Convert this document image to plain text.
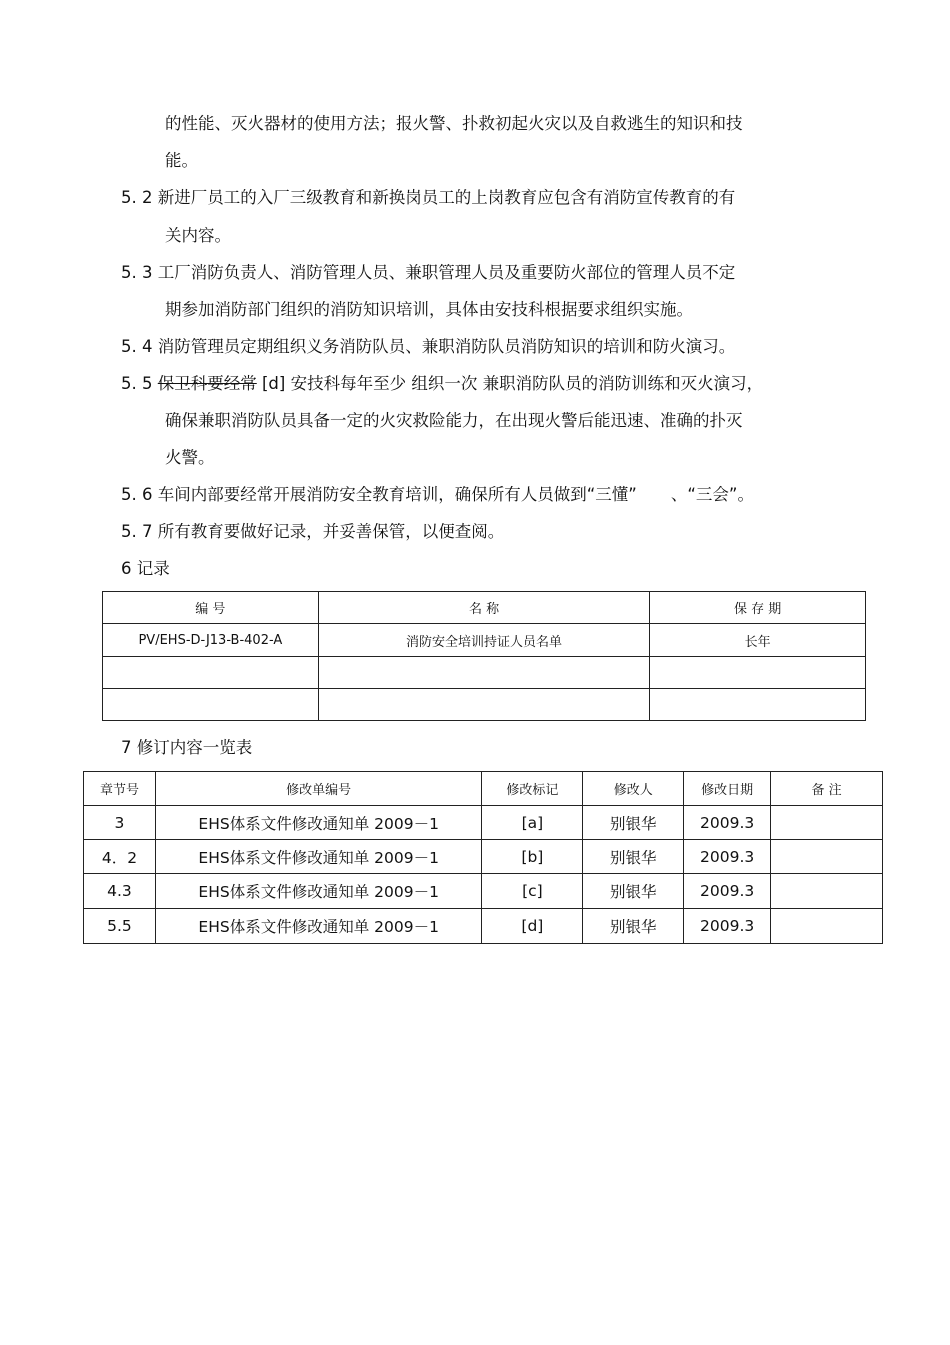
的性能、灭火器材的使用方法；报火警、扑救初起火灾以及自救逃生的知识和技
能。
5. 2 新进厂员工的入厂三级教育和新换岗员工的上岗教育应包含有消防宣传教育的有
关内容。
5. 3 工厂消防负责人、消防管理人员、兼职管理人员及重要防火部位的管理人员不定
期参加消防部门组织的消防知识培训，具体由安技科根据要求组织实施。
5. 4 消防管理员定期组织义务消防队员、兼职消防队员消防知识的培训和防火演习。
5. 5 保卫科要经常 [d] 安技科每年至少 组织一次 兼职消防队员的消防训练和灭火演习，
确保兼职消防队员具备一定的火灾救险能力，在出现火警后能迅速、准确的扑灭
火警。
5. 6 车间内部要经常开展消防安全教育培训，确保所有人员做到“三懂” 、“三会”。
5. 7 所有教育要做好记录，并妥善保管，以便查阅。
6 记录
编 号	名 称	保 存 期
PV/EHS-D-J13-B-402-A	消防安全培训持证人员名单	长年

7 修订内容一览表
章节号	修改单编号	修改标记	修改人	修改日期	备 注
3	EHS体系文件修改通知单 2009－1	[a]	别银华	2009.3	
4．2	EHS体系文件修改通知单 2009－1	[b]	别银华	2009.3	
4.3	EHS体系文件修改通知单 2009－1	[c]	别银华	2009.3	
5.5	EHS体系文件修改通知单 2009－1	[d]	别银华	2009.3	
